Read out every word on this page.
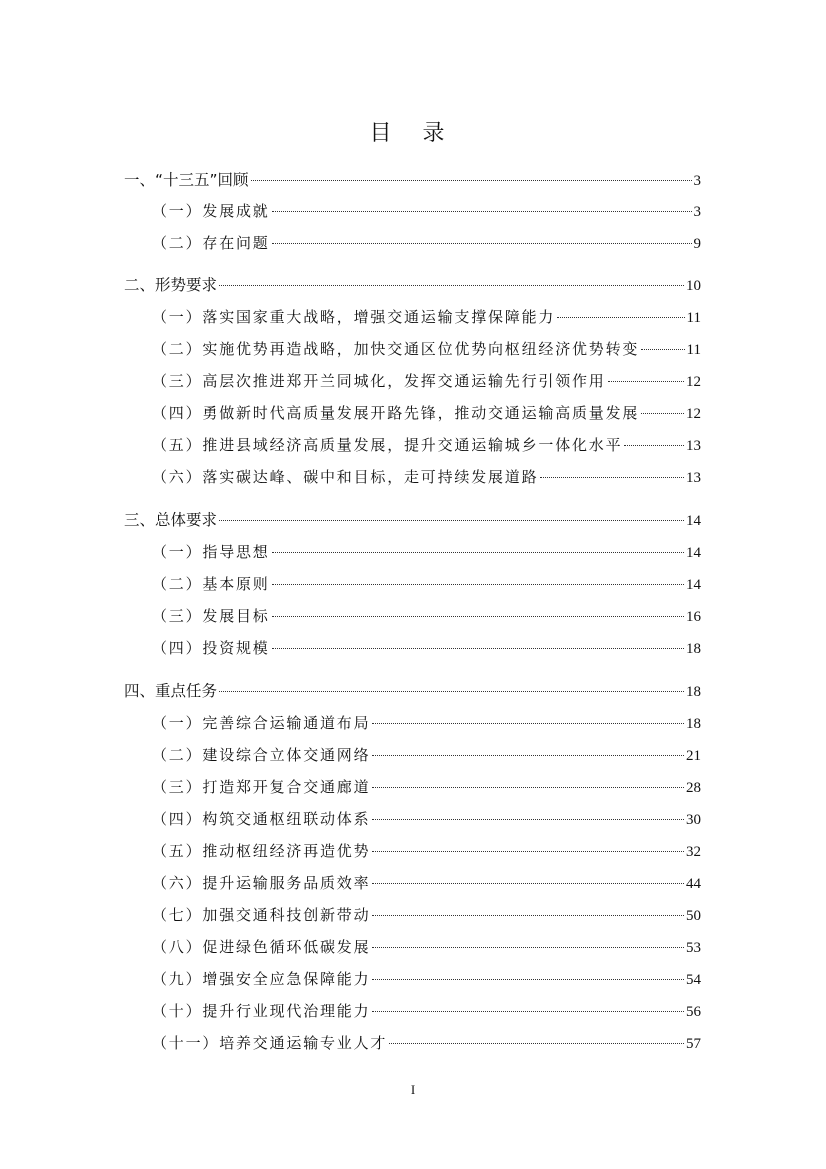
目 录
一、“十三五”回顾	3
（一）发展成就	3
（二）存在问题	9
二、形势要求	10
（一）落实国家重大战略，增强交通运输支撑保障能力	11
（二）实施优势再造战略，加快交通区位优势向枢纽经济优势转变	11
（三）高层次推进郑开兰同城化，发挥交通运输先行引领作用	12
（四）勇做新时代高质量发展开路先锋，推动交通运输高质量发展	12
（五）推进县域经济高质量发展，提升交通运输城乡一体化水平	13
（六）落实碳达峰、碳中和目标，走可持续发展道路	13
三、总体要求	14
（一）指导思想	14
（二）基本原则	14
（三）发展目标	16
（四）投资规模	18
四、重点任务	18
（一）完善综合运输通道布局	18
（二）建设综合立体交通网络	21
（三）打造郑开复合交通廊道	28
（四）构筑交通枢纽联动体系	30
（五）推动枢纽经济再造优势	32
（六）提升运输服务品质效率	44
（七）加强交通科技创新带动	50
（八）促进绿色循环低碳发展	53
（九）增强安全应急保障能力	54
（十）提升行业现代治理能力	56
（十一）培养交通运输专业人才	57
I
